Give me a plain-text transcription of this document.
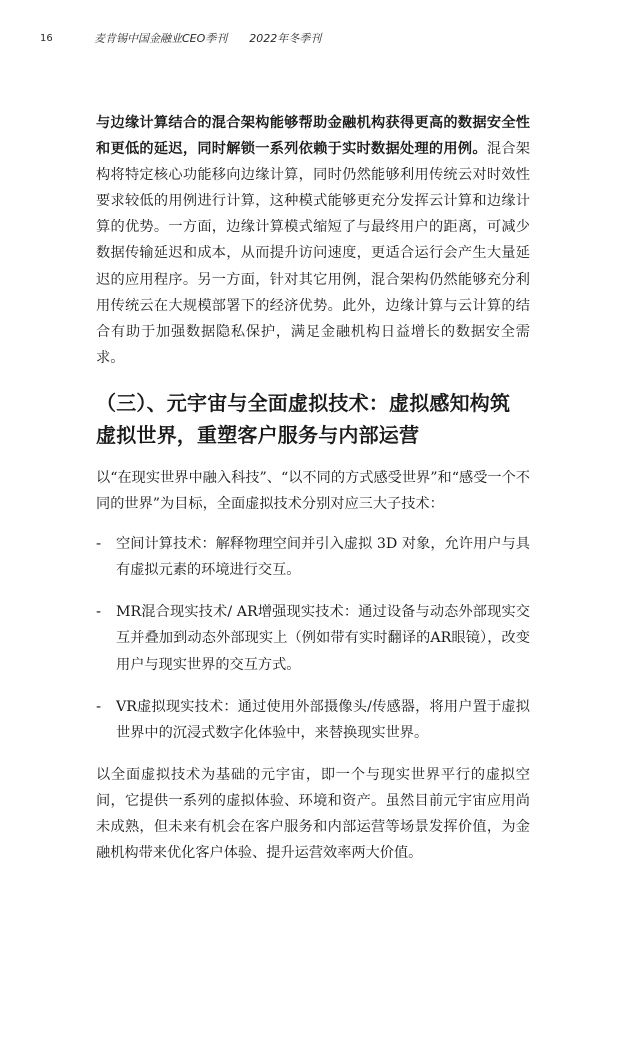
16	麦肯锡中国金融业CEO季刊 2022年冬季刊

与边缘计算结合的混合架构能够帮助金融机构获得更高的数据安全性和更低的延迟，同时解锁一系列依赖于实时数据处理的用例。混合架构将特定核心功能移向边缘计算，同时仍然能够利用传统云对时效性要求较低的用例进行计算，这种模式能够更充分发挥云计算和边缘计算的优势。一方面，边缘计算模式缩短了与最终用户的距离，可减少数据传输延迟和成本，从而提升访问速度，更适合运行会产生大量延迟的应用程序。另一方面，针对其它用例，混合架构仍然能够充分利用传统云在大规模部署下的经济优势。此外，边缘计算与云计算的结合有助于加强数据隐私保护，满足金融机构日益增长的数据安全需求。

（三）、元宇宙与全面虚拟技术：虚拟感知构筑虚拟世界，重塑客户服务与内部运营

以“在现实世界中融入科技”、“以不同的方式感受世界”和“感受一个不同的世界”为目标，全面虚拟技术分别对应三大子技术：

- 空间计算技术：解释物理空间并引入虚拟 3D 对象，允许用户与具有虚拟元素的环境进行交互。
- MR混合现实技术/ AR增强现实技术：通过设备与动态外部现实交互并叠加到动态外部现实上（例如带有实时翻译的AR眼镜），改变用户与现实世界的交互方式。
- VR虚拟现实技术：通过使用外部摄像头/传感器，将用户置于虚拟世界中的沉浸式数字化体验中，来替换现实世界。

以全面虚拟技术为基础的元宇宙，即一个与现实世界平行的虚拟空间，它提供一系列的虚拟体验、环境和资产。虽然目前元宇宙应用尚未成熟，但未来有机会在客户服务和内部运营等场景发挥价值，为金融机构带来优化客户体验、提升运营效率两大价值。
